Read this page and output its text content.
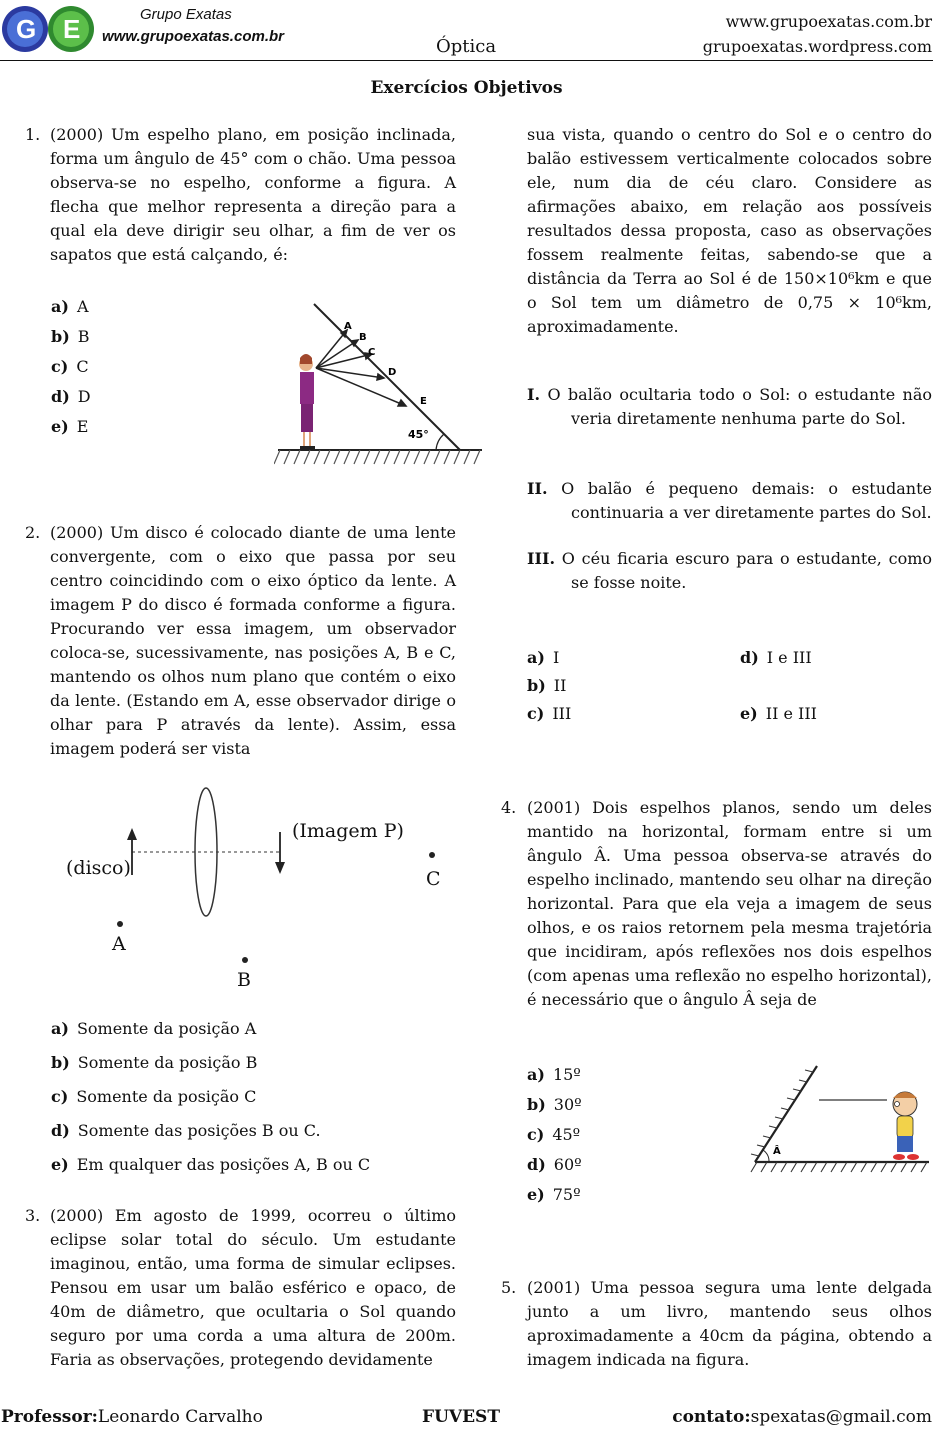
G E	Grupo Exatas
www.grupoexatas.com.br	Óptica
www.grupoexatas.com.br
grupoexatas.wordpress.com
Exercícios Objetivos
1. (2000) Um espelho plano, em posição inclinada, forma um ângulo de 45° com o chão. Uma pessoa observa-se no espelho, conforme a figura. A flecha que melhor representa a direção para a qual ela deve dirigir seu olhar, a fim de ver os sapatos que está calçando, é:
a) A
b) B
c) C
d) D
e) E
A
B
C
D
E
45°
2. (2000) Um disco é colocado diante de uma lente convergente, com o eixo que passa por seu centro coincidindo com o eixo óptico da lente. A imagem P do disco é formada conforme a figura. Procurando ver essa imagem, um observador coloca-se, sucessivamente, nas posições A, B e C, mantendo os olhos num plano que contém o eixo da lente. (Estando em A, esse observador dirige o olhar para P através da lente). Assim, essa imagem poderá ser vista
(disco)
(Imagem P)
A
B
C
a) Somente da posição A
b) Somente da posição B
c) Somente da posição C
d) Somente das posições B ou C.
e) Em qualquer das posições A, B ou C
3. (2000) Em agosto de 1999, ocorreu o último eclipse solar total do século. Um estudante imaginou, então, uma forma de simular eclipses. Pensou em usar um balão esférico e opaco, de 40m de diâmetro, que ocultaria o Sol quando seguro por uma corda a uma altura de 200m. Faria as observações, protegendo devidamente
sua vista, quando o centro do Sol e o centro do balão estivessem verticalmente colocados sobre ele, num dia de céu claro. Considere as afirmações abaixo, em relação aos possíveis resultados dessa proposta, caso as observações fossem realmente feitas, sabendo-se que a distância da Terra ao Sol é de 150×10⁶km e que o Sol tem um diâmetro de 0,75 × 10⁶km, aproximadamente.
I. O balão ocultaria todo o Sol: o estudante não veria diretamente nenhuma parte do Sol.
II. O balão é pequeno demais: o estudante continuaria a ver diretamente partes do Sol.
III. O céu ficaria escuro para o estudante, como se fosse noite.
a) I
b) II
c) III
d) I e III
e) II e III
4. (2001) Dois espelhos planos, sendo um deles mantido na horizontal, formam entre si um ângulo Â. Uma pessoa observa-se através do espelho inclinado, mantendo seu olhar na direção horizontal. Para que ela veja a imagem de seus olhos, e os raios retornem pela mesma trajetória que incidiram, após reflexões nos dois espelhos (com apenas uma reflexão no espelho horizontal), é necessário que o ângulo Â seja de
a) 15º
b) 30º
c) 45º
d) 60º
e) 75º
Â
5. (2001) Uma pessoa segura uma lente delgada junto a um livro, mantendo seus olhos aproximadamente a 40cm da página, obtendo a imagem indicada na figura.
Professor:Leonardo Carvalho	FUVEST	contato:spexatas@gmail.com
